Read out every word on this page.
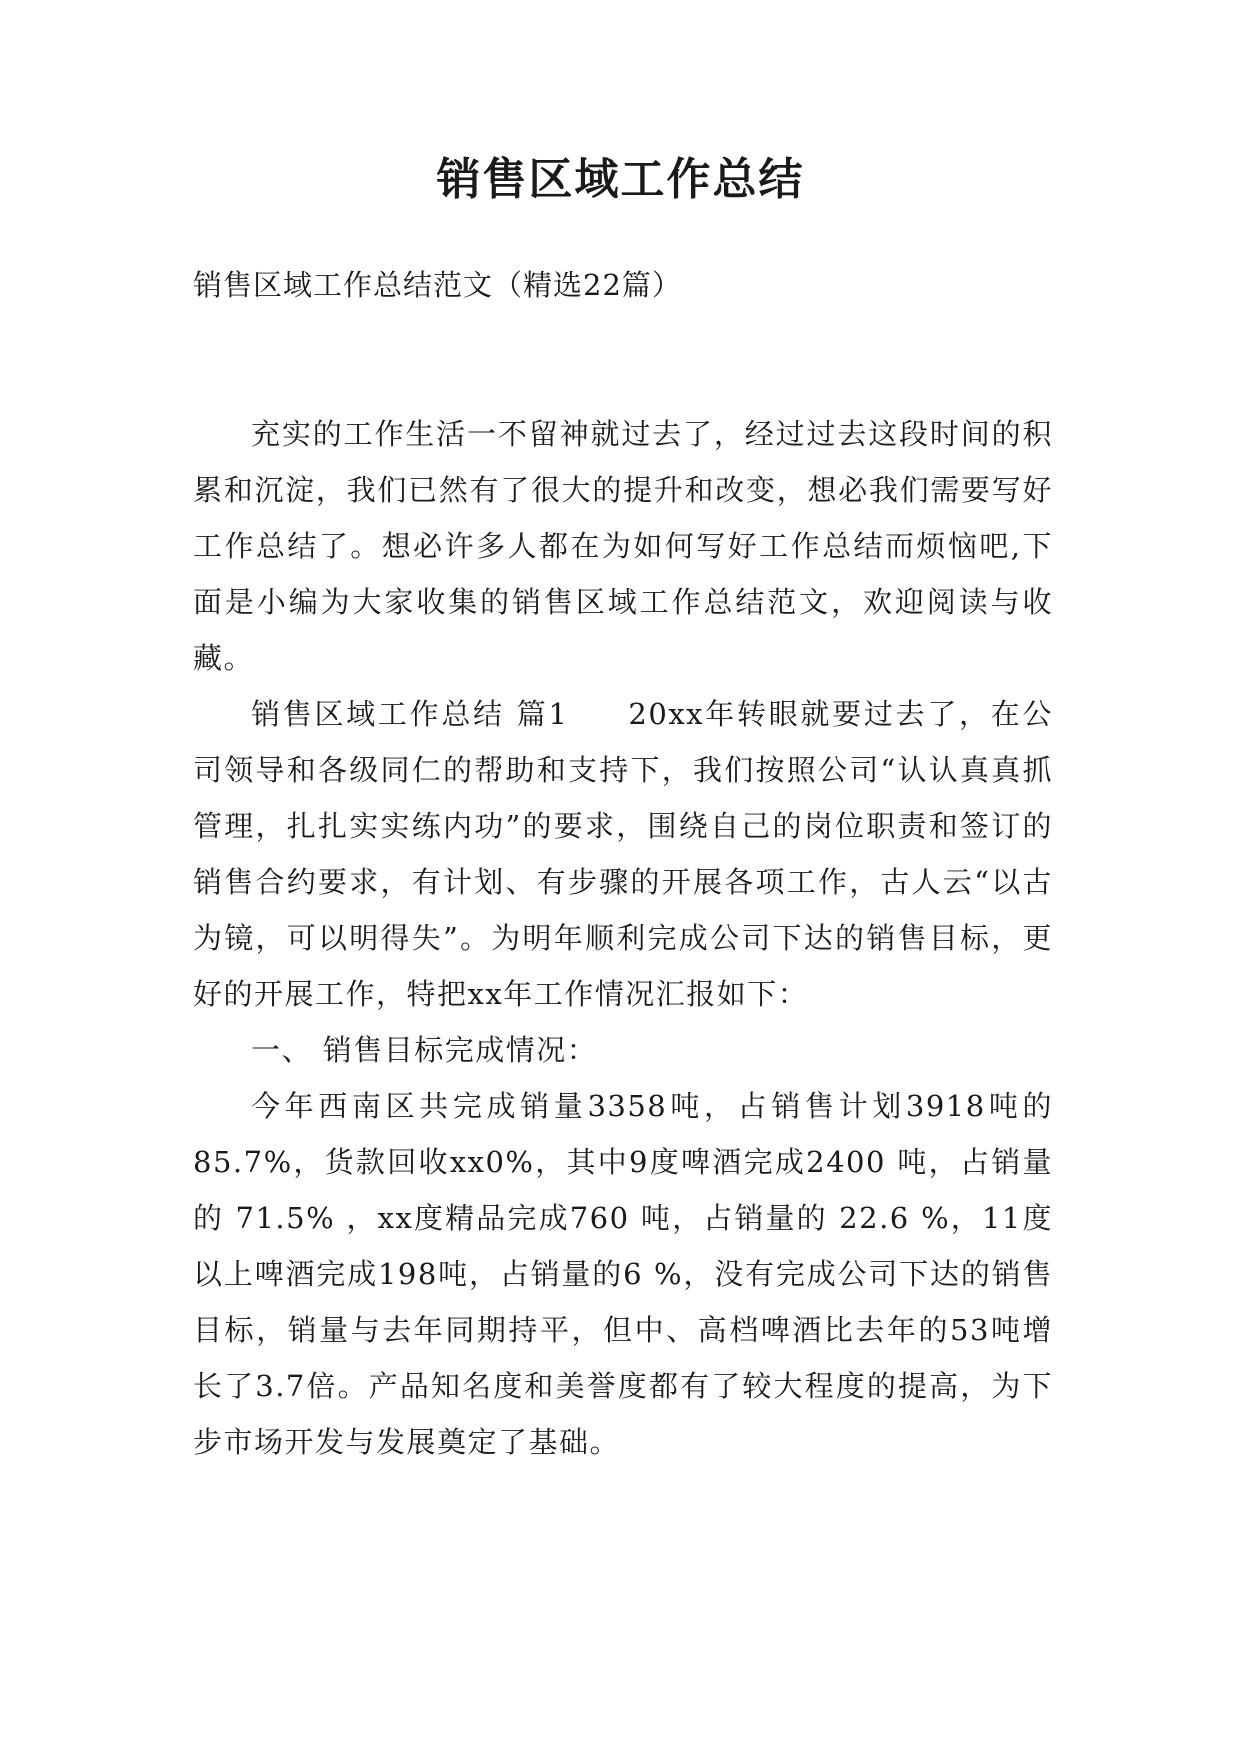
销售区域工作总结
销售区域工作总结范文（精选22篇）

充实的工作生活一不留神就过去了，经过过去这段时间的积累和沉淀，我们已然有了很大的提升和改变，想必我们需要写好工作总结了。想必许多人都在为如何写好工作总结而烦恼吧,下面是小编为大家收集的销售区域工作总结范文，欢迎阅读与收藏。

销售区域工作总结 篇1 20xx年转眼就要过去了，在公司领导和各级同仁的帮助和支持下，我们按照公司“认认真真抓管理，扎扎实实练内功”的要求，围绕自己的岗位职责和签订的销售合约要求，有计划、有步骤的开展各项工作，古人云“以古为镜，可以明得失”。为明年顺利完成公司下达的销售目标，更好的开展工作，特把xx年工作情况汇报如下：

一、 销售目标完成情况：

今年西南区共完成销量3358吨，占销售计划3918吨的85.7%，货款回收xx0%，其中9度啤酒完成2400 吨，占销量的 71.5% ，xx度精品完成760 吨，占销量的 22.6 %，11度以上啤酒完成198吨，占销量的6 %，没有完成公司下达的销售目标，销量与去年同期持平，但中、高档啤酒比去年的53吨增长了3.7倍。产品知名度和美誉度都有了较大程度的提高，为下步市场开发与发展奠定了基础。
